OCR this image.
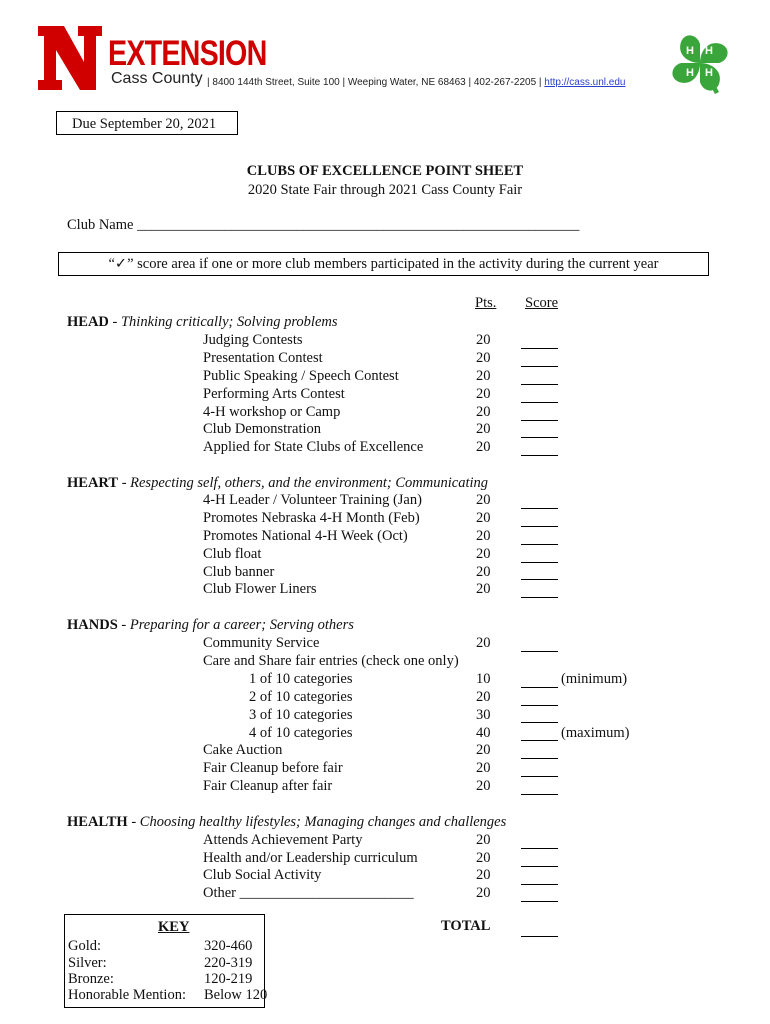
EXTENSION
Cass County | 8400 144th Street, Suite 100 | Weeping Water, NE 68463 | 402-267-2205 | http://cass.unl.edu
H H
H
H
Due September 20, 2021
CLUBS OF EXCELLENCE POINT SHEET
2020 State Fair through 2021 Cass County Fair
Club Name _____________________________________________________________
“✓” score area if one or more club members participated in the activity during the current year
Pts. Score
HEAD - Thinking critically; Solving problems
Judging Contests	20
Presentation Contest	20
Public Speaking / Speech Contest	20
Performing Arts Contest	20
4-H workshop or Camp	20
Club Demonstration	20
Applied for State Clubs of Excellence	20
HEART - Respecting self, others, and the environment; Communicating
4-H Leader / Volunteer Training (Jan)	20
Promotes Nebraska 4-H Month (Feb)	20
Promotes National 4-H Week (Oct)	20
Club float	20
Club banner	20
Club Flower Liners	20
HANDS - Preparing for a career; Serving others
Community Service	20
Care and Share fair entries (check one only)
1 of 10 categories	10	(minimum)
2 of 10 categories	20
3 of 10 categories	30
4 of 10 categories	40	(maximum)
Cake Auction	20
Fair Cleanup before fair	20
Fair Cleanup after fair	20
HEALTH - Choosing healthy lifestyles; Managing changes and challenges
Attends Achievement Party	20
Health and/or Leadership curriculum	20
Club Social Activity	20
Other ________________________	20
KEY
Gold:	320-460
Silver:	220-319
Bronze:	120-219
Honorable Mention: Below 120
TOTAL
